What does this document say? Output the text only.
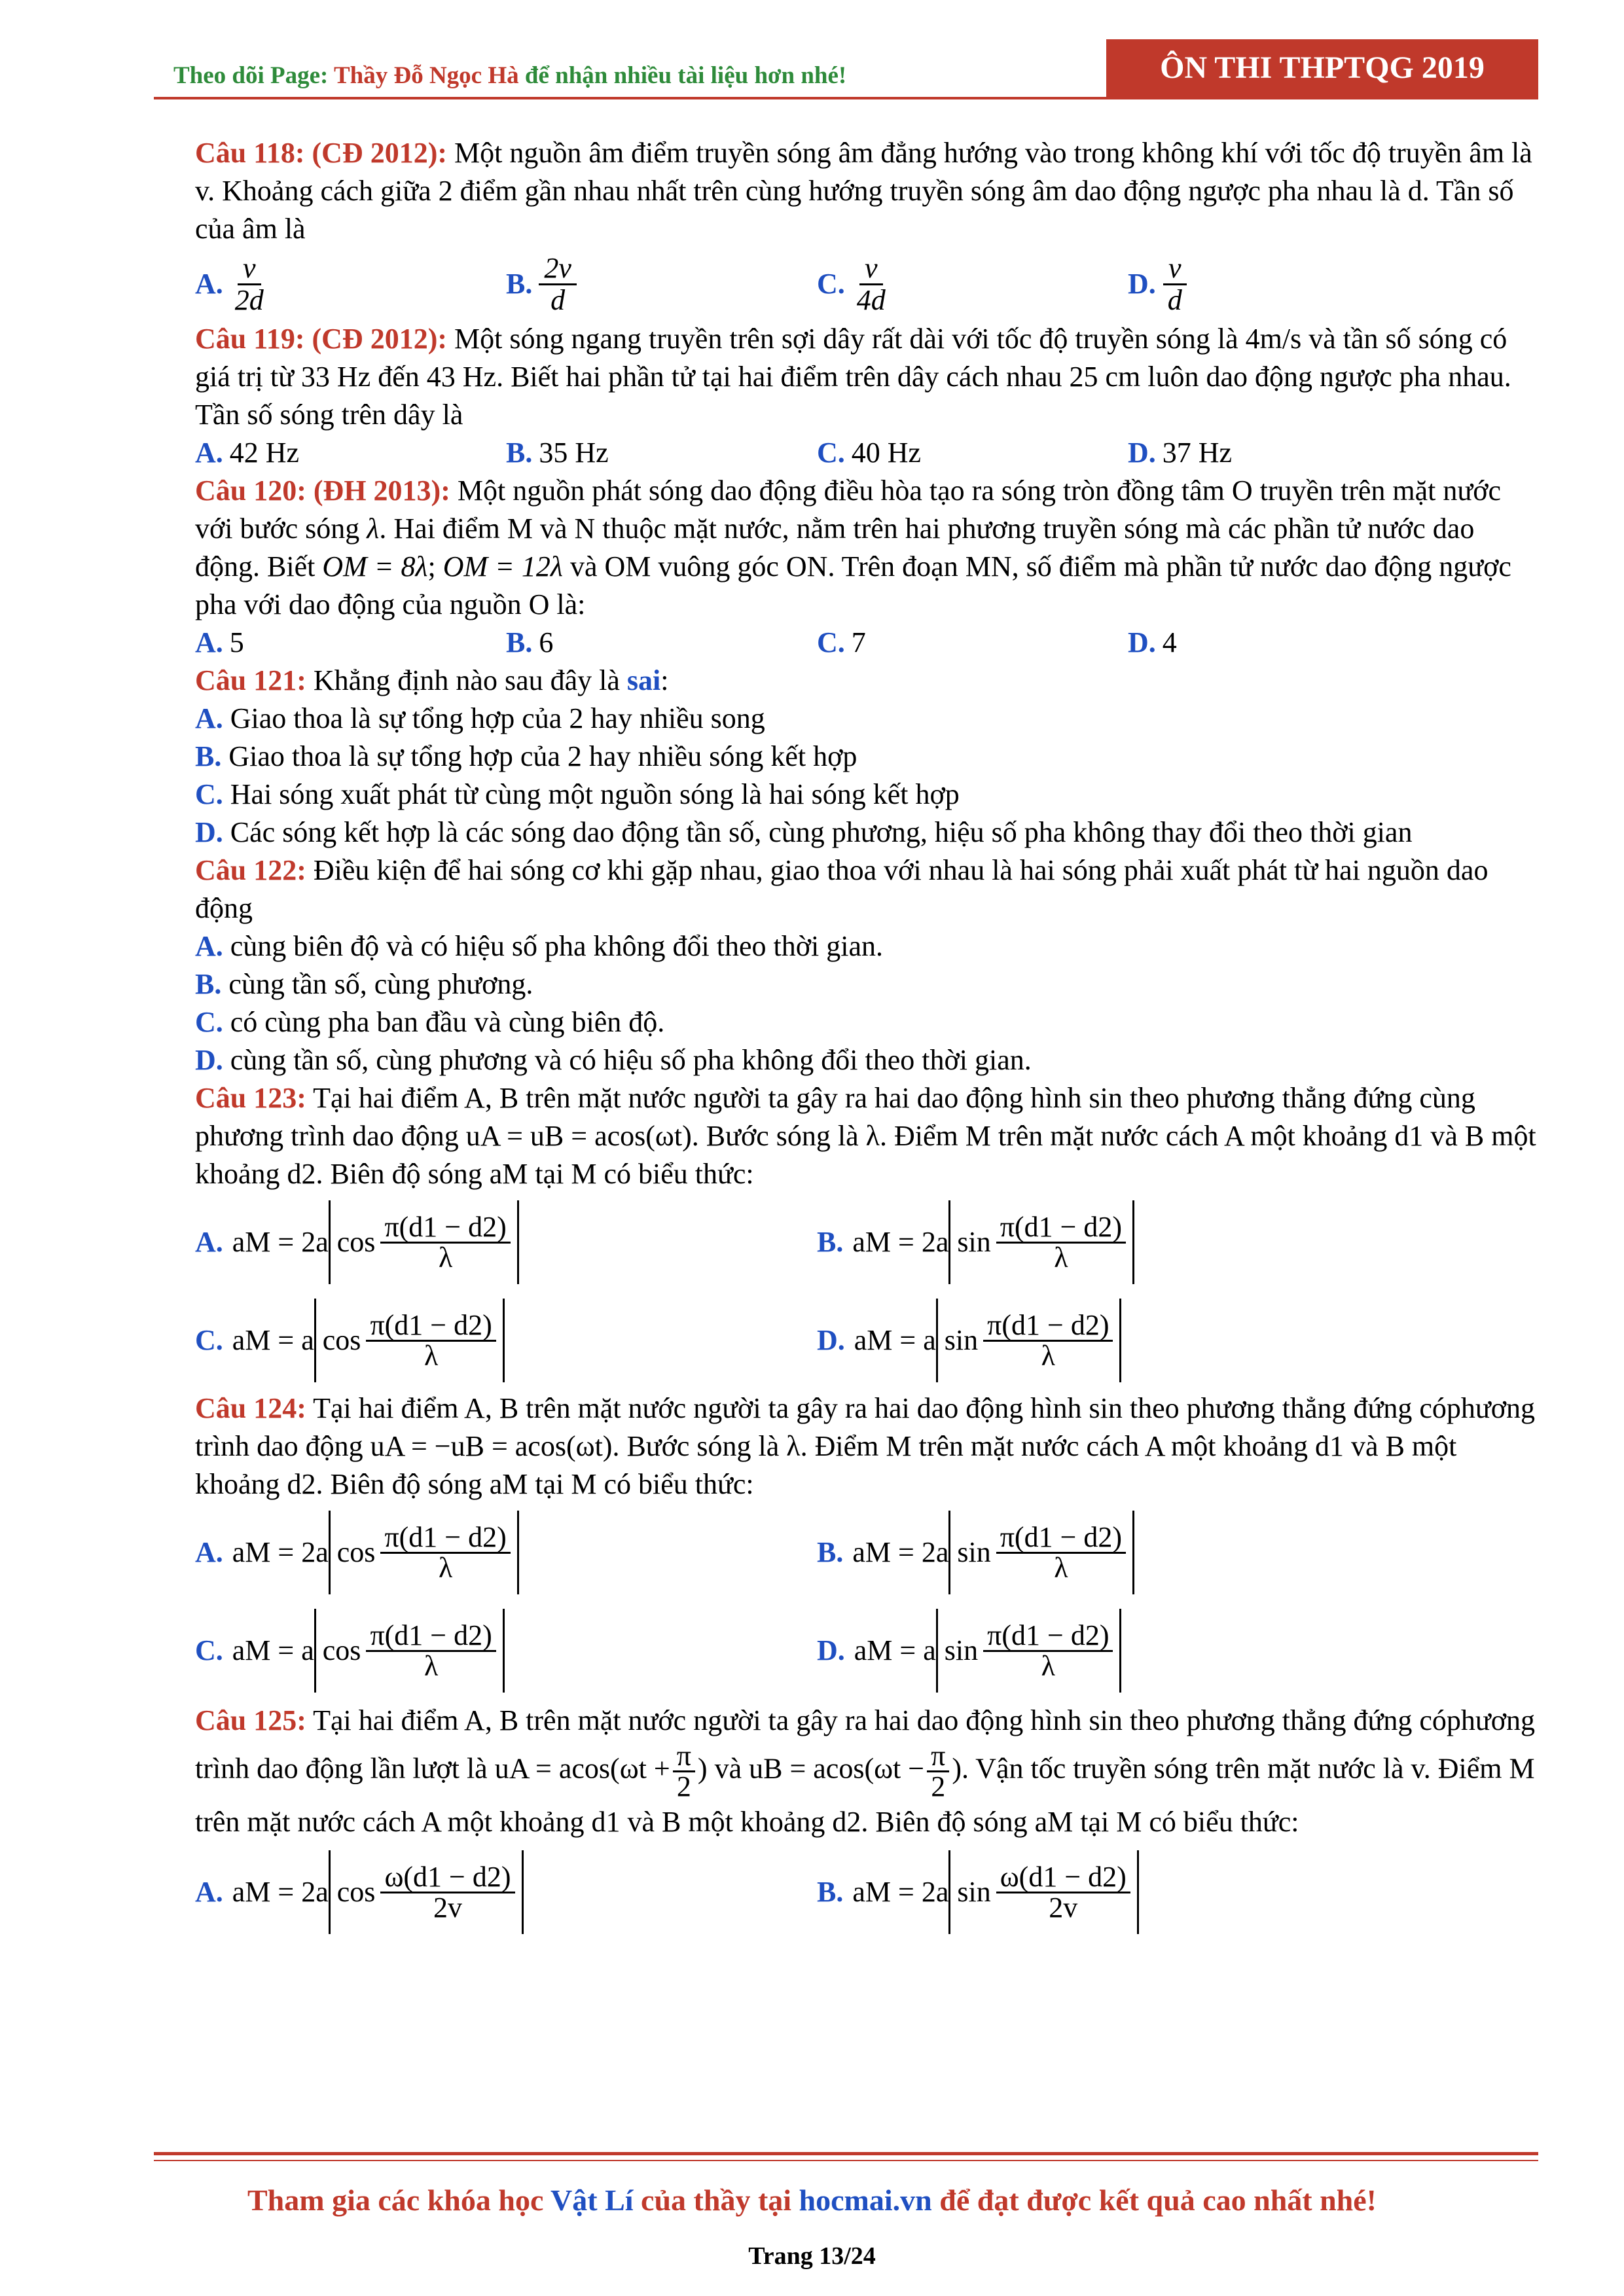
Theo dõi Page: Thầy Đỗ Ngọc Hà để nhận nhiều tài liệu hơn nhé!	ÔN THI THPTQG 2019

Câu 118: (CĐ 2012): Một nguồn âm điểm truyền sóng âm đẳng hướng vào trong không khí với tốc độ truyền âm là v. Khoảng cách giữa 2 điểm gần nhau nhất trên cùng hướng truyền sóng âm dao động ngược pha nhau là d. Tần số của âm là

A. $\frac{v}{2d}$	B. $\frac{2v}{d}$	C. $\frac{v}{4d}$	D. $\frac{v}{d}$

Câu 119: (CĐ 2012): Một sóng ngang truyền trên sợi dây rất dài với tốc độ truyền sóng là 4m/s và tần số sóng có giá trị từ 33 Hz đến 43 Hz. Biết hai phần tử tại hai điểm trên dây cách nhau 25 cm luôn dao động ngược pha nhau. Tần số sóng trên dây là

A. 42 Hz	B. 35 Hz	C. 40 Hz	D. 37 Hz

Câu 120: (ĐH 2013): Một nguồn phát sóng dao động điều hòa tạo ra sóng tròn đồng tâm O truyền trên mặt nước với bước sóng λ. Hai điểm M và N thuộc mặt nước, nằm trên hai phương truyền sóng mà các phần tử nước dao động. Biết OM = 8λ; OM = 12λ và OM vuông góc ON. Trên đoạn MN, số điểm mà phần tử nước dao động ngược pha với dao động của nguồn O là:

A. 5	B. 6	C. 7	D. 4

Câu 121: Khẳng định nào sau đây là sai:

A. Giao thoa là sự tổng hợp của 2 hay nhiều song
B. Giao thoa là sự tổng hợp của 2 hay nhiều sóng kết hợp
C. Hai sóng xuất phát từ cùng một nguồn sóng là hai sóng kết hợp
D. Các sóng kết hợp là các sóng dao động tần số, cùng phương, hiệu số pha không thay đổi theo thời gian

Câu 122: Điều kiện để hai sóng cơ khi gặp nhau, giao thoa với nhau là hai sóng phải xuất phát từ hai nguồn dao động

A. cùng biên độ và có hiệu số pha không đổi theo thời gian.
B. cùng tần số, cùng phương.
C. có cùng pha ban đầu và cùng biên độ.
D. cùng tần số, cùng phương và có hiệu số pha không đổi theo thời gian.

Câu 123: Tại hai điểm A, B trên mặt nước người ta gây ra hai dao động hình sin theo phương thẳng đứng cùng phương trình dao động uA = uB = acos(ωt). Bước sóng là λ. Điểm M trên mặt nước cách A một khoảng d1 và B một khoảng d2. Biên độ sóng aM tại M có biểu thức:

A. aM = 2a $\cos \frac{\pi(d1 - d2)}{\lambda}$	B. aM = 2a $\sin \frac{\pi(d1 - d2)}{\lambda}$
C. aM = a $\cos \frac{\pi(d1 - d2)}{\lambda}$	D. aM = a $\sin \frac{\pi(d1 - d2)}{\lambda}$

Câu 124: Tại hai điểm A, B trên mặt nước người ta gây ra hai dao động hình sin theo phương thẳng đứng cóphương trình dao động uA = −uB = acos(ωt). Bước sóng là λ. Điểm M trên mặt nước cách A một khoảng d1 và B một khoảng d2. Biên độ sóng aM tại M có biểu thức:

A. aM = 2a $\cos \frac{\pi(d1 - d2)}{\lambda}$	B. aM = 2a $\sin \frac{\pi(d1 - d2)}{\lambda}$
C. aM = a $\cos \frac{\pi(d1 - d2)}{\lambda}$	D. aM = a $\sin \frac{\pi(d1 - d2)}{\lambda}$

Câu 125: Tại hai điểm A, B trên mặt nước người ta gây ra hai dao động hình sin theo phương thẳng đứng cóphương trình dao động lần lượt là uA = $acos(\omega t + \frac{\pi}{2}$ ) và uB = $acos(\omega t - \frac{\pi}{2}$ ). Vận tốc truyền sóng trên mặt nước là v. Điểm M trên mặt nước cách A một khoảng d1 và B một khoảng d2. Biên độ sóng aM tại M có biểu thức:

A. aM = 2a $\cos \frac{\omega(d1 - d2)}{2v}$	B. aM = 2a $\sin \frac{\omega(d1 - d2)}{2v}$
Tham gia các khóa học Vật Lí của thầy tại hocmai.vn để đạt được kết quả cao nhất nhé!
Trang 13/24
